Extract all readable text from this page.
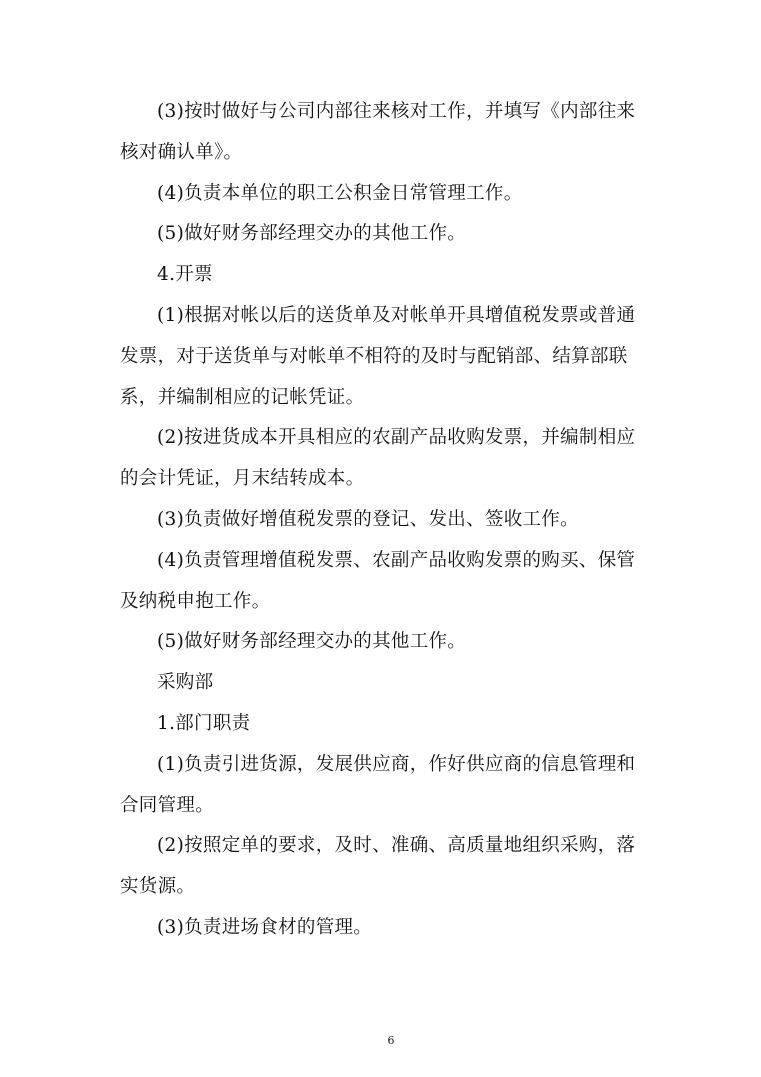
(3)按时做好与公司内部往来核对工作，并填写《内部往来
核对确认单》。
(4)负责本单位的职工公积金日常管理工作。
(5)做好财务部经理交办的其他工作。
4.开票
(1)根据对帐以后的送货单及对帐单开具增值税发票或普通
发票，对于送货单与对帐单不相符的及时与配销部、结算部联
系，并编制相应的记帐凭证。
(2)按进货成本开具相应的农副产品收购发票，并编制相应
的会计凭证，月末结转成本。
(3)负责做好增值税发票的登记、发出、签收工作。
(4)负责管理增值税发票、农副产品收购发票的购买、保管
及纳税申抱工作。
(5)做好财务部经理交办的其他工作。
采购部
1.部门职责
(1)负责引进货源，发展供应商，作好供应商的信息管理和
合同管理。
(2)按照定单的要求，及时、准确、高质量地组织采购，落
实货源。
(3)负责进场食材的管理。
6
